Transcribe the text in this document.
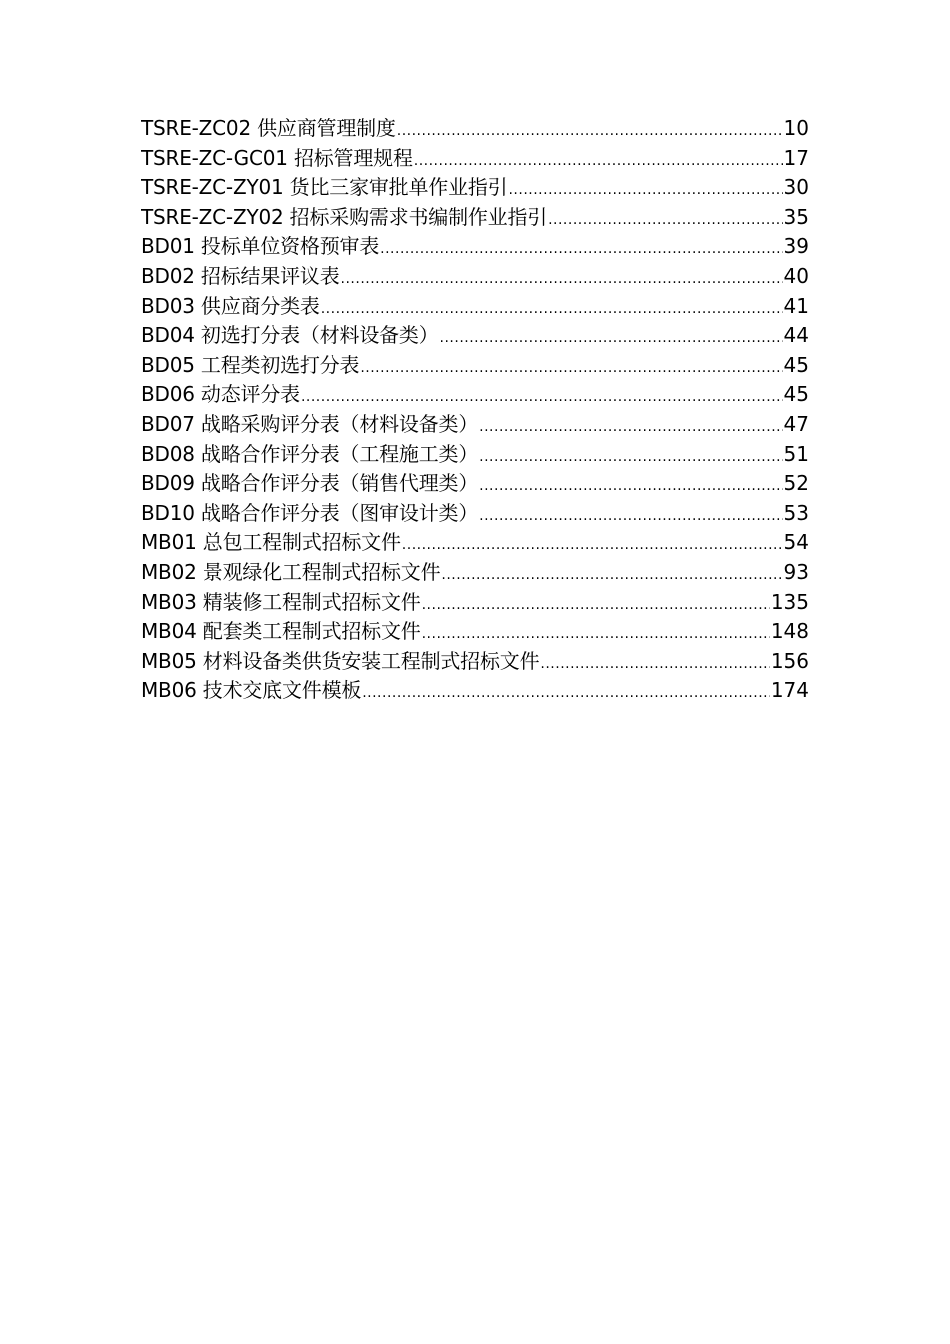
TSRE-ZC02 供应商管理制度 .....	10
TSRE-ZC-GC01 招标管理规程 .....	17
TSRE-ZC-ZY01 货比三家审批单作业指引 .....	30
TSRE-ZC-ZY02 招标采购需求书编制作业指引 .....	35
BD01 投标单位资格预审表 .....	39
BD02 招标结果评议表 .....	40
BD03 供应商分类表 .....	41
BD04 初选打分表（材料设备类） .....	44
BD05 工程类初选打分表 .....	45
BD06 动态评分表 .....	45
BD07 战略采购评分表（材料设备类） .....	47
BD08 战略合作评分表（工程施工类） .....	51
BD09 战略合作评分表（销售代理类） .....	52
BD10 战略合作评分表（图审设计类） .....	53
MB01 总包工程制式招标文件 .....	54
MB02 景观绿化工程制式招标文件 .....	93
MB03 精装修工程制式招标文件 .....	135
MB04 配套类工程制式招标文件 .....	148
MB05 材料设备类供货安装工程制式招标文件 .....	156
MB06 技术交底文件模板 .....	174
